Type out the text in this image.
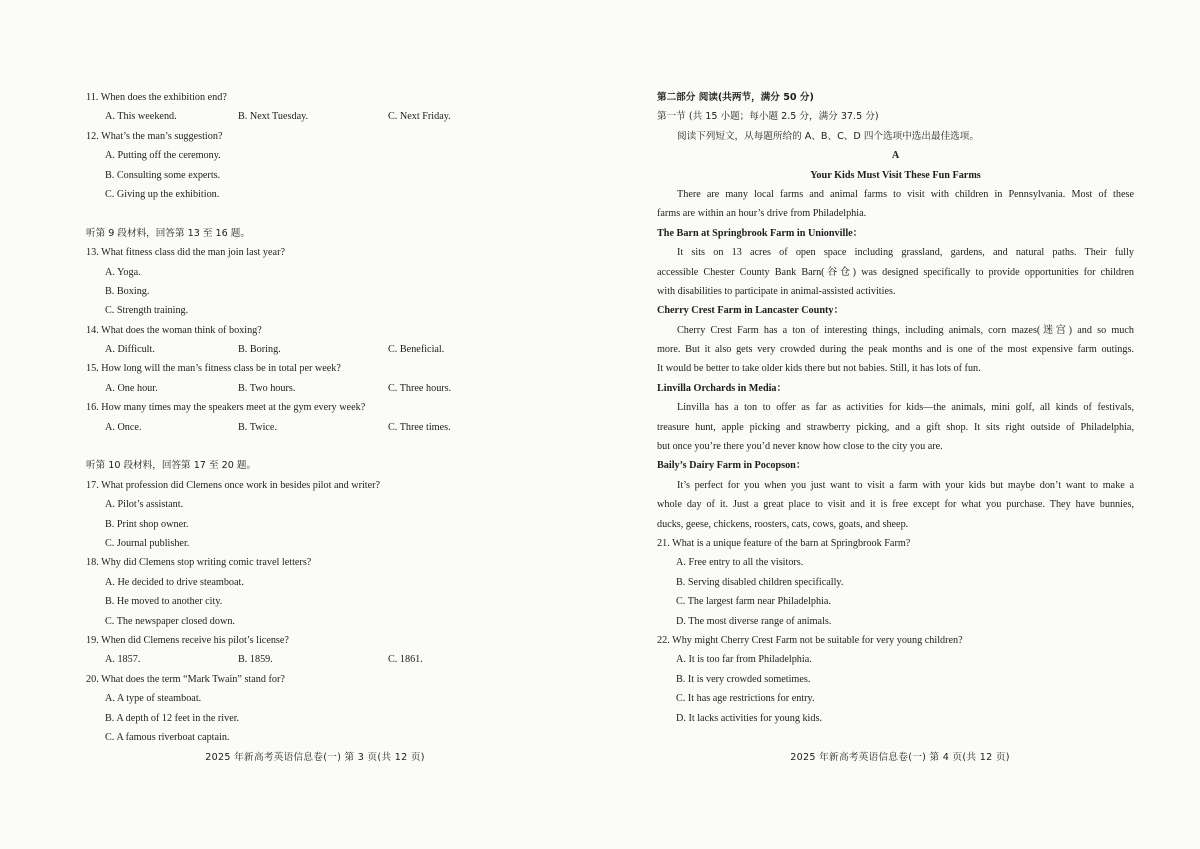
11. When does the exhibition end?
A. This weekend.	B. Next Tuesday.	C. Next Friday.
12. What’s the man’s suggestion?
A. Putting off the ceremony.
B. Consulting some experts.
C. Giving up the exhibition.
听第 9 段材料，回答第 13 至 16 题。
13. What fitness class did the man join last year?
A. Yoga.
B. Boxing.
C. Strength training.
14. What does the woman think of boxing?
A. Difficult.	B. Boring.	C. Beneficial.
15. How long will the man’s fitness class be in total per week?
A. One hour.	B. Two hours.	C. Three hours.
16. How many times may the speakers meet at the gym every week?
A. Once.	B. Twice.	C. Three times.
听第 10 段材料，回答第 17 至 20 题。
17. What profession did Clemens once work in besides pilot and writer?
A. Pilot’s assistant.
B. Print shop owner.
C. Journal publisher.
18. Why did Clemens stop writing comic travel letters?
A. He decided to drive steamboat.
B. He moved to another city.
C. The newspaper closed down.
19. When did Clemens receive his pilot’s license?
A. 1857.	B. 1859.	C. 1861.
20. What does the term “Mark Twain” stand for?
A. A type of steamboat.
B. A depth of 12 feet in the river.
C. A famous riverboat captain.
2025 年新高考英语信息卷(一) 第 3 页(共 12 页)
第二部分 阅读(共两节，满分 50 分)
第一节 (共 15 小题；每小题 2.5 分，满分 37.5 分)
阅读下列短文，从每题所给的 A、B、C、D 四个选项中选出最佳选项。
A
Your Kids Must Visit These Fun Farms
There are many local farms and animal farms to visit with children in Pennsylvania. Most of these
farms are within an hour’s drive from Philadelphia.
The Barn at Springbrook Farm in Unionville：
It sits on 13 acres of open space including grassland, gardens, and natural paths. Their fully
accessible Chester County Bank Barn(谷仓) was designed specifically to provide opportunities for children
with disabilities to participate in animal-assisted activities.
Cherry Crest Farm in Lancaster County：
Cherry Crest Farm has a ton of interesting things, including animals, corn mazes(迷宫) and so much
more. But it also gets very crowded during the peak months and is one of the most expensive farm outings.
It would be better to take older kids there but not babies. Still, it has lots of fun.
Linvilla Orchards in Media：
Linvilla has a ton to offer as far as activities for kids—the animals, mini golf, all kinds of festivals,
treasure hunt, apple picking and strawberry picking, and a gift shop. It sits right outside of Philadelphia,
but once you’re there you’d never know how close to the city you are.
Baily’s Dairy Farm in Pocopson：
It’s perfect for you when you just want to visit a farm with your kids but maybe don’t want to make a
whole day of it. Just a great place to visit and it is free except for what you purchase. They have bunnies,
ducks, geese, chickens, roosters, cats, cows, goats, and sheep.
21. What is a unique feature of the barn at Springbrook Farm?
A. Free entry to all the visitors.
B. Serving disabled children specifically.
C. The largest farm near Philadelphia.
D. The most diverse range of animals.
22. Why might Cherry Crest Farm not be suitable for very young children?
A. It is too far from Philadelphia.
B. It is very crowded sometimes.
C. It has age restrictions for entry.
D. It lacks activities for young kids.
2025 年新高考英语信息卷(一) 第 4 页(共 12 页)
